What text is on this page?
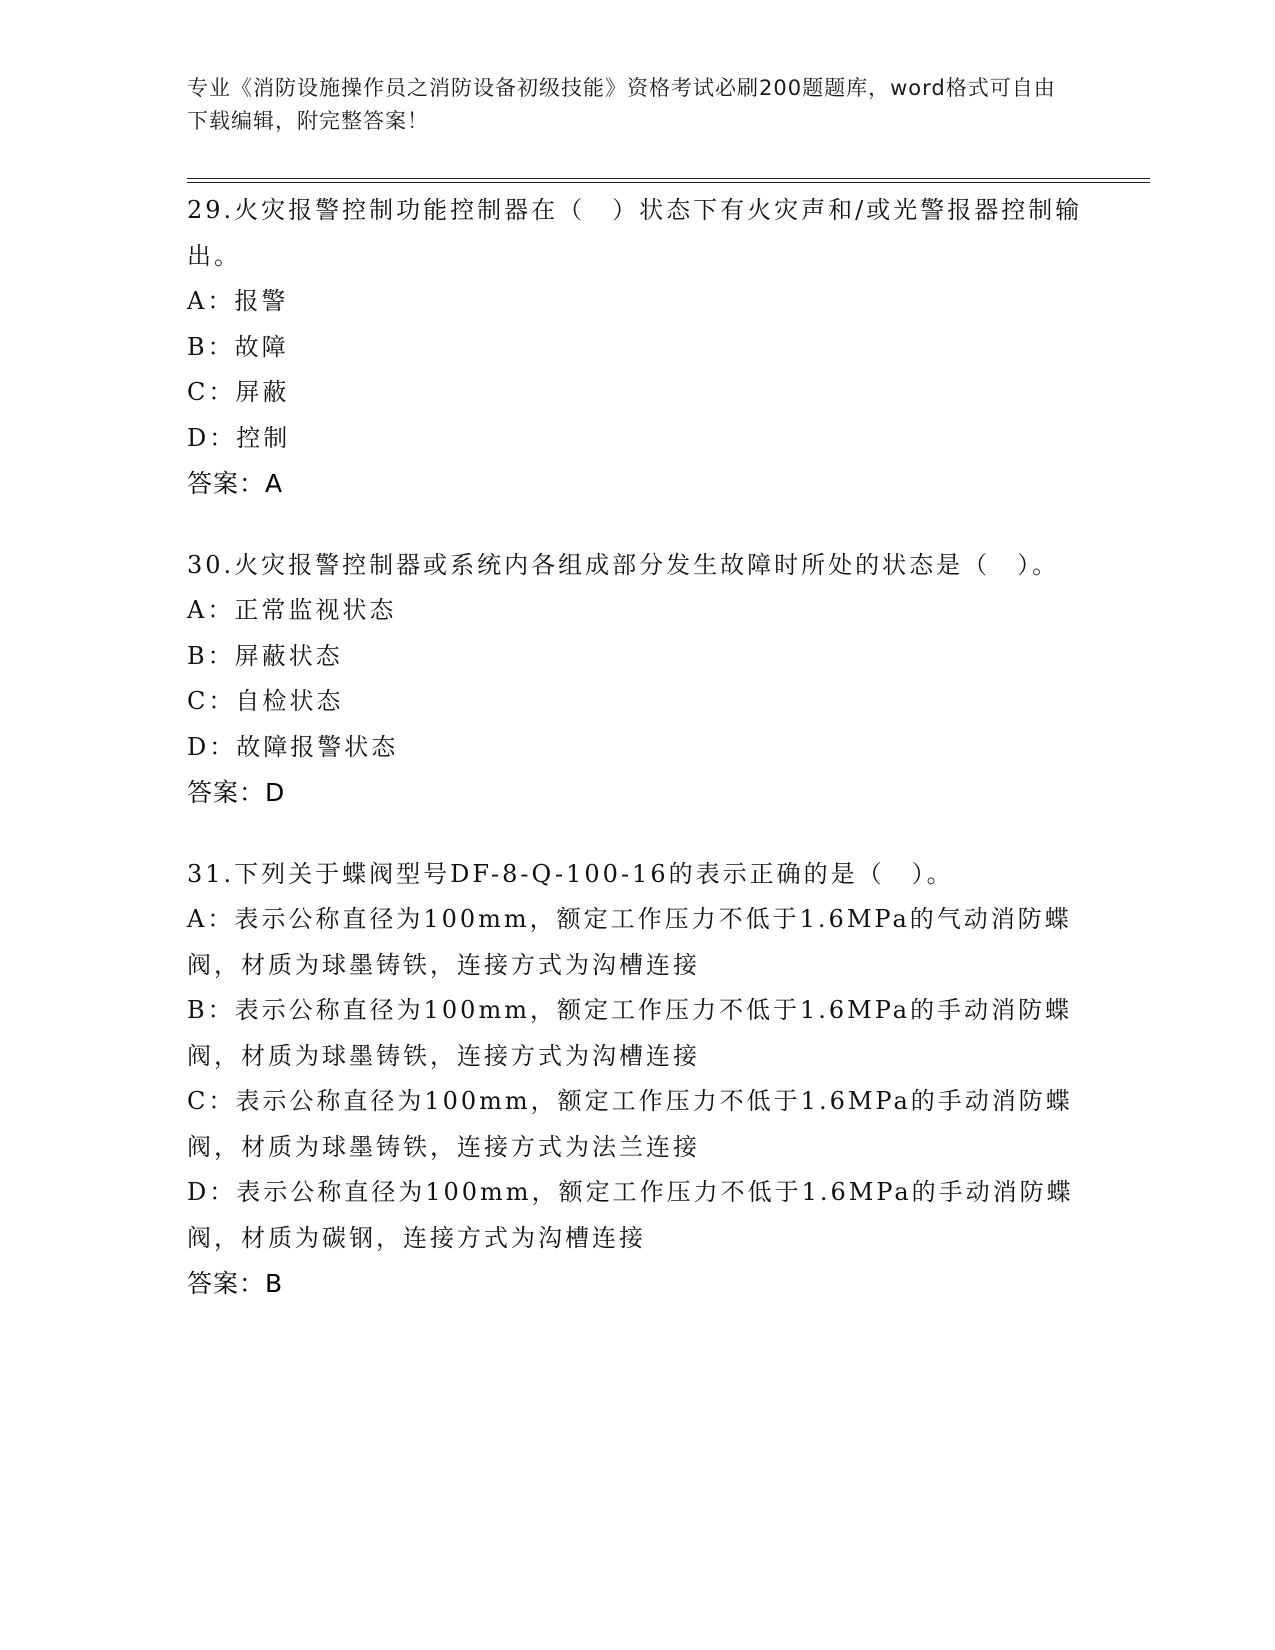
专业《消防设施操作员之消防设备初级技能》资格考试必刷200题题库，word格式可自由下载编辑，附完整答案！
29.火灾报警控制功能控制器在（　）状态下有火灾声和/或光警报器控制输出。
A：报警
B：故障
C：屏蔽
D：控制
答案：A
30.火灾报警控制器或系统内各组成部分发生故障时所处的状态是（　）。
A：正常监视状态
B：屏蔽状态
C：自检状态
D：故障报警状态
答案：D
31.下列关于蝶阀型号DF-8-Q-100-16的表示正确的是（　）。
A：表示公称直径为100mm，额定工作压力不低于1.6MPa的气动消防蝶阀，材质为球墨铸铁，连接方式为沟槽连接
B：表示公称直径为100mm，额定工作压力不低于1.6MPa的手动消防蝶阀，材质为球墨铸铁，连接方式为沟槽连接
C：表示公称直径为100mm，额定工作压力不低于1.6MPa的手动消防蝶阀，材质为球墨铸铁，连接方式为法兰连接
D：表示公称直径为100mm，额定工作压力不低于1.6MPa的手动消防蝶阀，材质为碳钢，连接方式为沟槽连接
答案：B
